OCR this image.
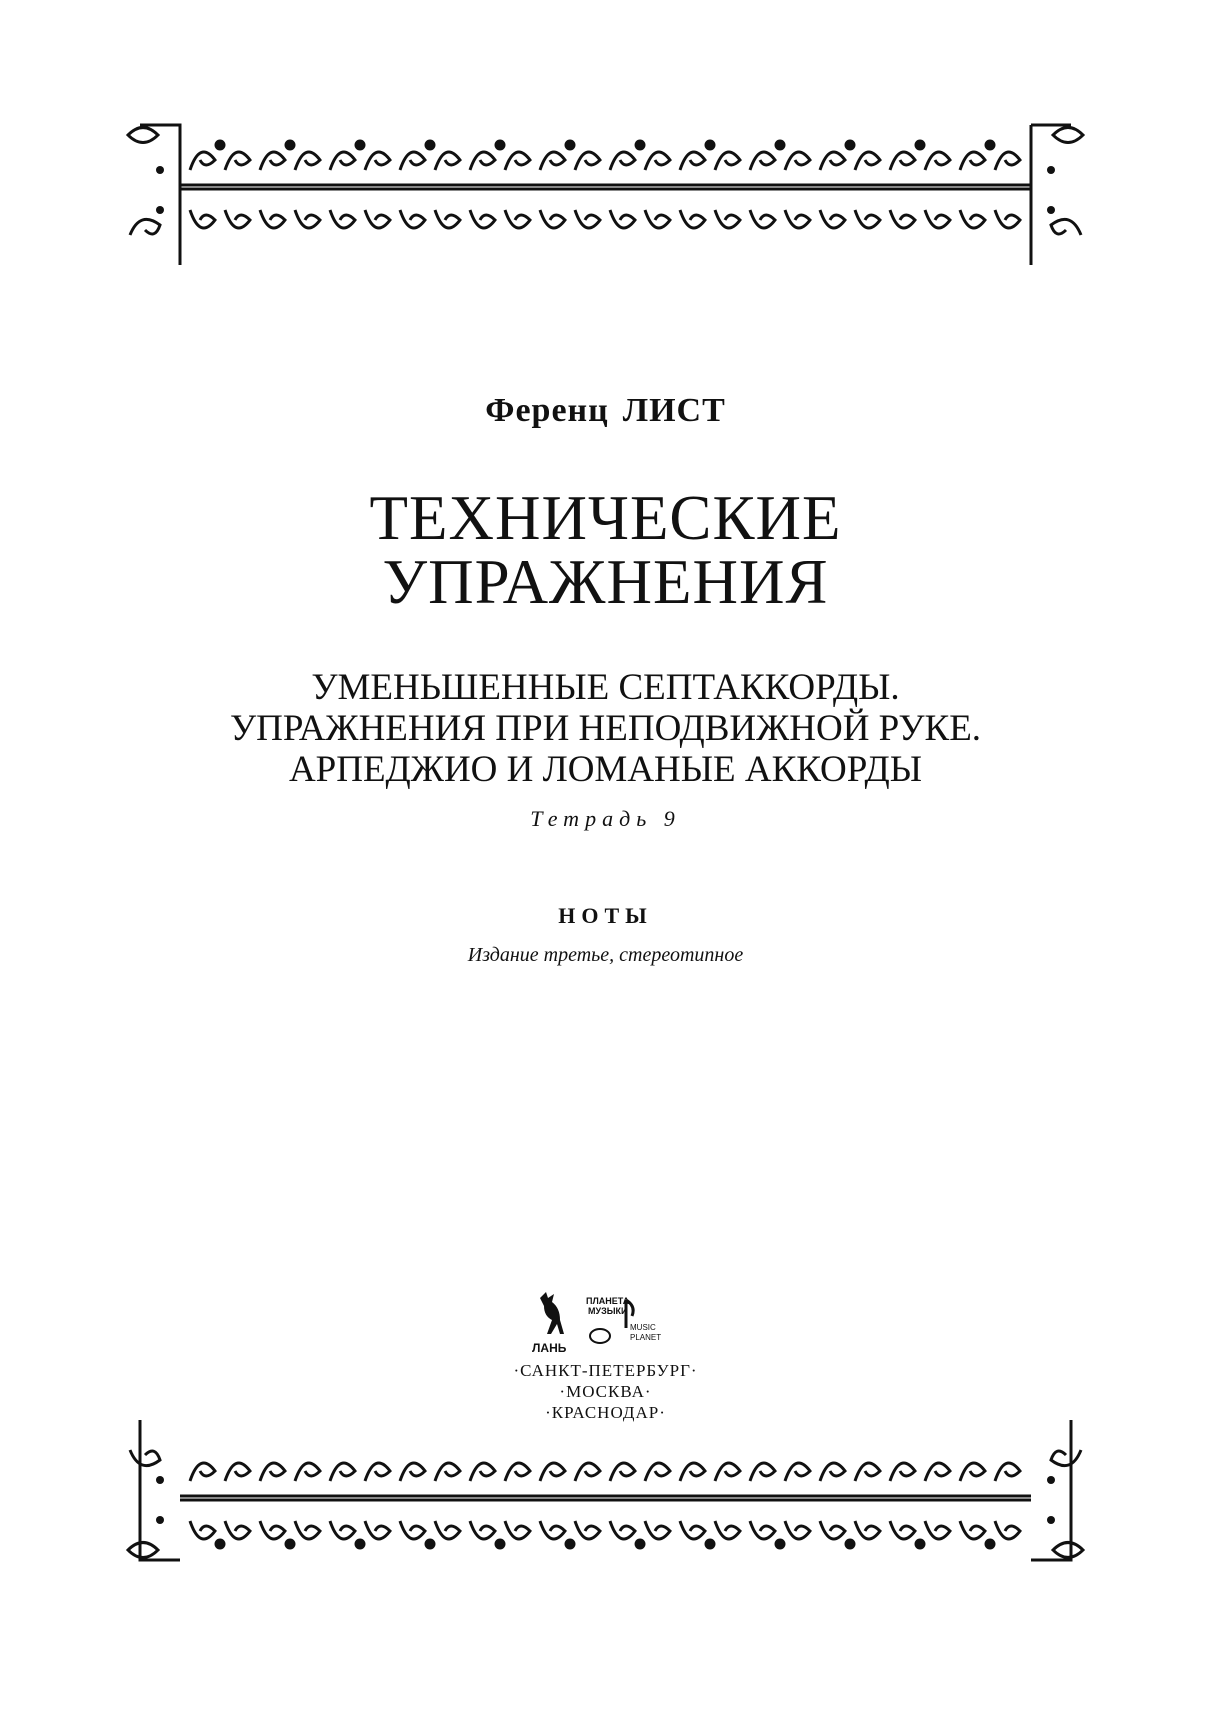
Ференц ЛИСТ
ТЕХНИЧЕСКИЕ
УПРАЖНЕНИЯ
УМЕНЬШЕННЫЕ СЕПТАККОРДЫ.
УПРАЖНЕНИЯ ПРИ НЕПОДВИЖНОЙ РУКЕ.
АРПЕДЖИО И ЛОМАНЫЕ АККОРДЫ
Тетрадь 9
НОТЫ
Издание третье, стереотипное
ЛАНЬ
ПЛАНЕТА
МУЗЫКИ
MUSIC
PLANET
·САНКТ-ПЕТЕРБУРГ·
·МОСКВА·
·КРАСНОДАР·
